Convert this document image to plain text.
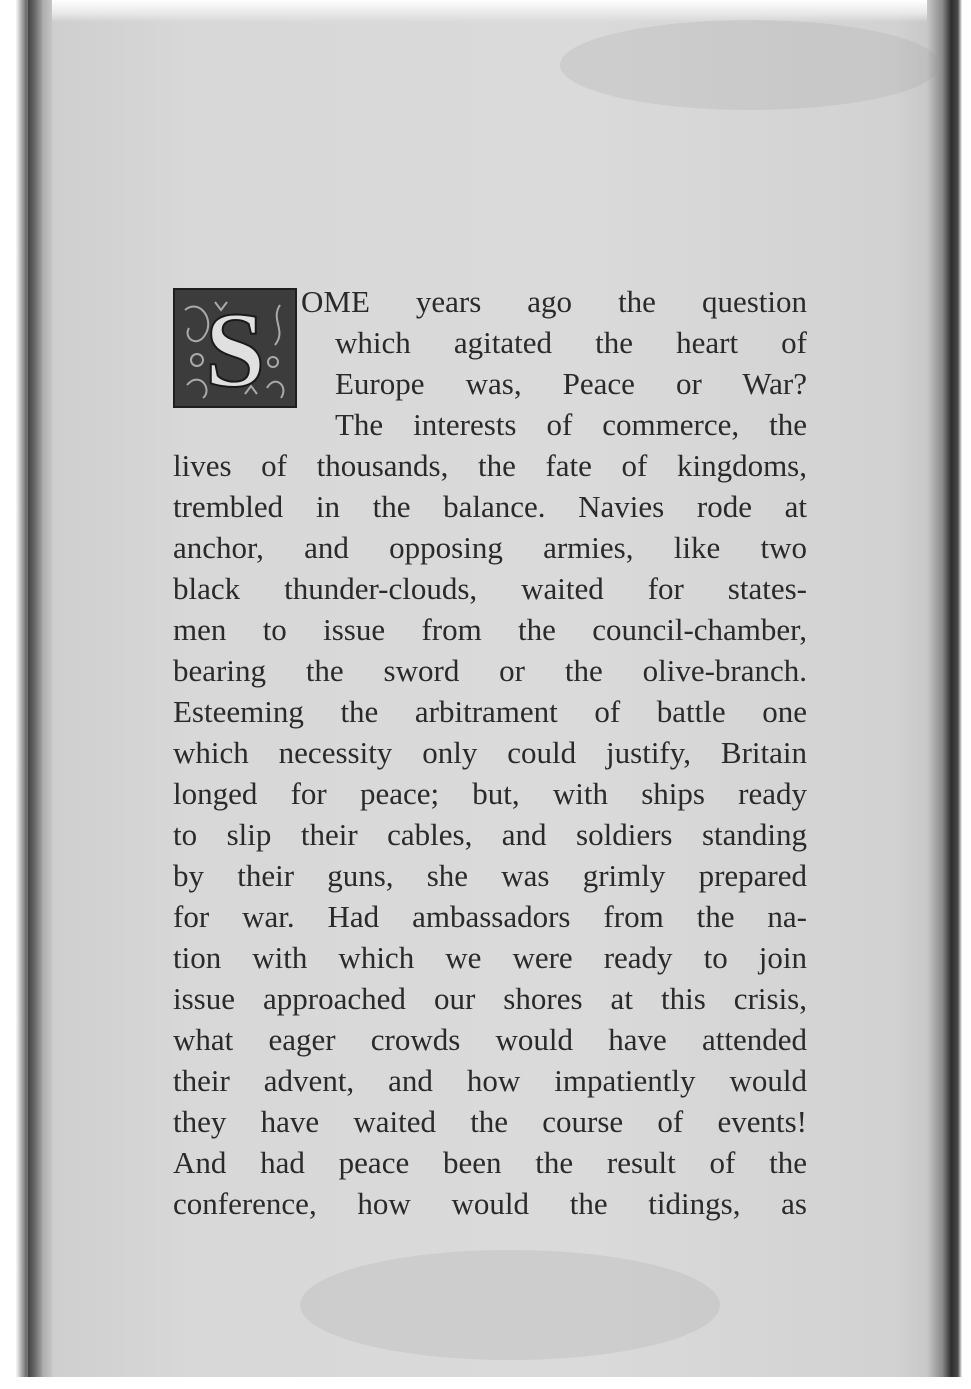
S OME years ago the question
which agitated the heart of
Europe was, Peace or War?
The interests of commerce, the
lives of thousands, the fate of kingdoms,
trembled in the balance. Navies rode at
anchor, and opposing armies, like two
black thunder-clouds, waited for states-
men to issue from the council-chamber,
bearing the sword or the olive-branch.
Esteeming the arbitrament of battle one
which necessity only could justify, Britain
longed for peace; but, with ships ready
to slip their cables, and soldiers standing
by their guns, she was grimly prepared
for war. Had ambassadors from the na-
tion with which we were ready to join
issue approached our shores at this crisis,
what eager crowds would have attended
their advent, and how impatiently would
they have waited the course of events!
And had peace been the result of the
conference, how would the tidings, as
